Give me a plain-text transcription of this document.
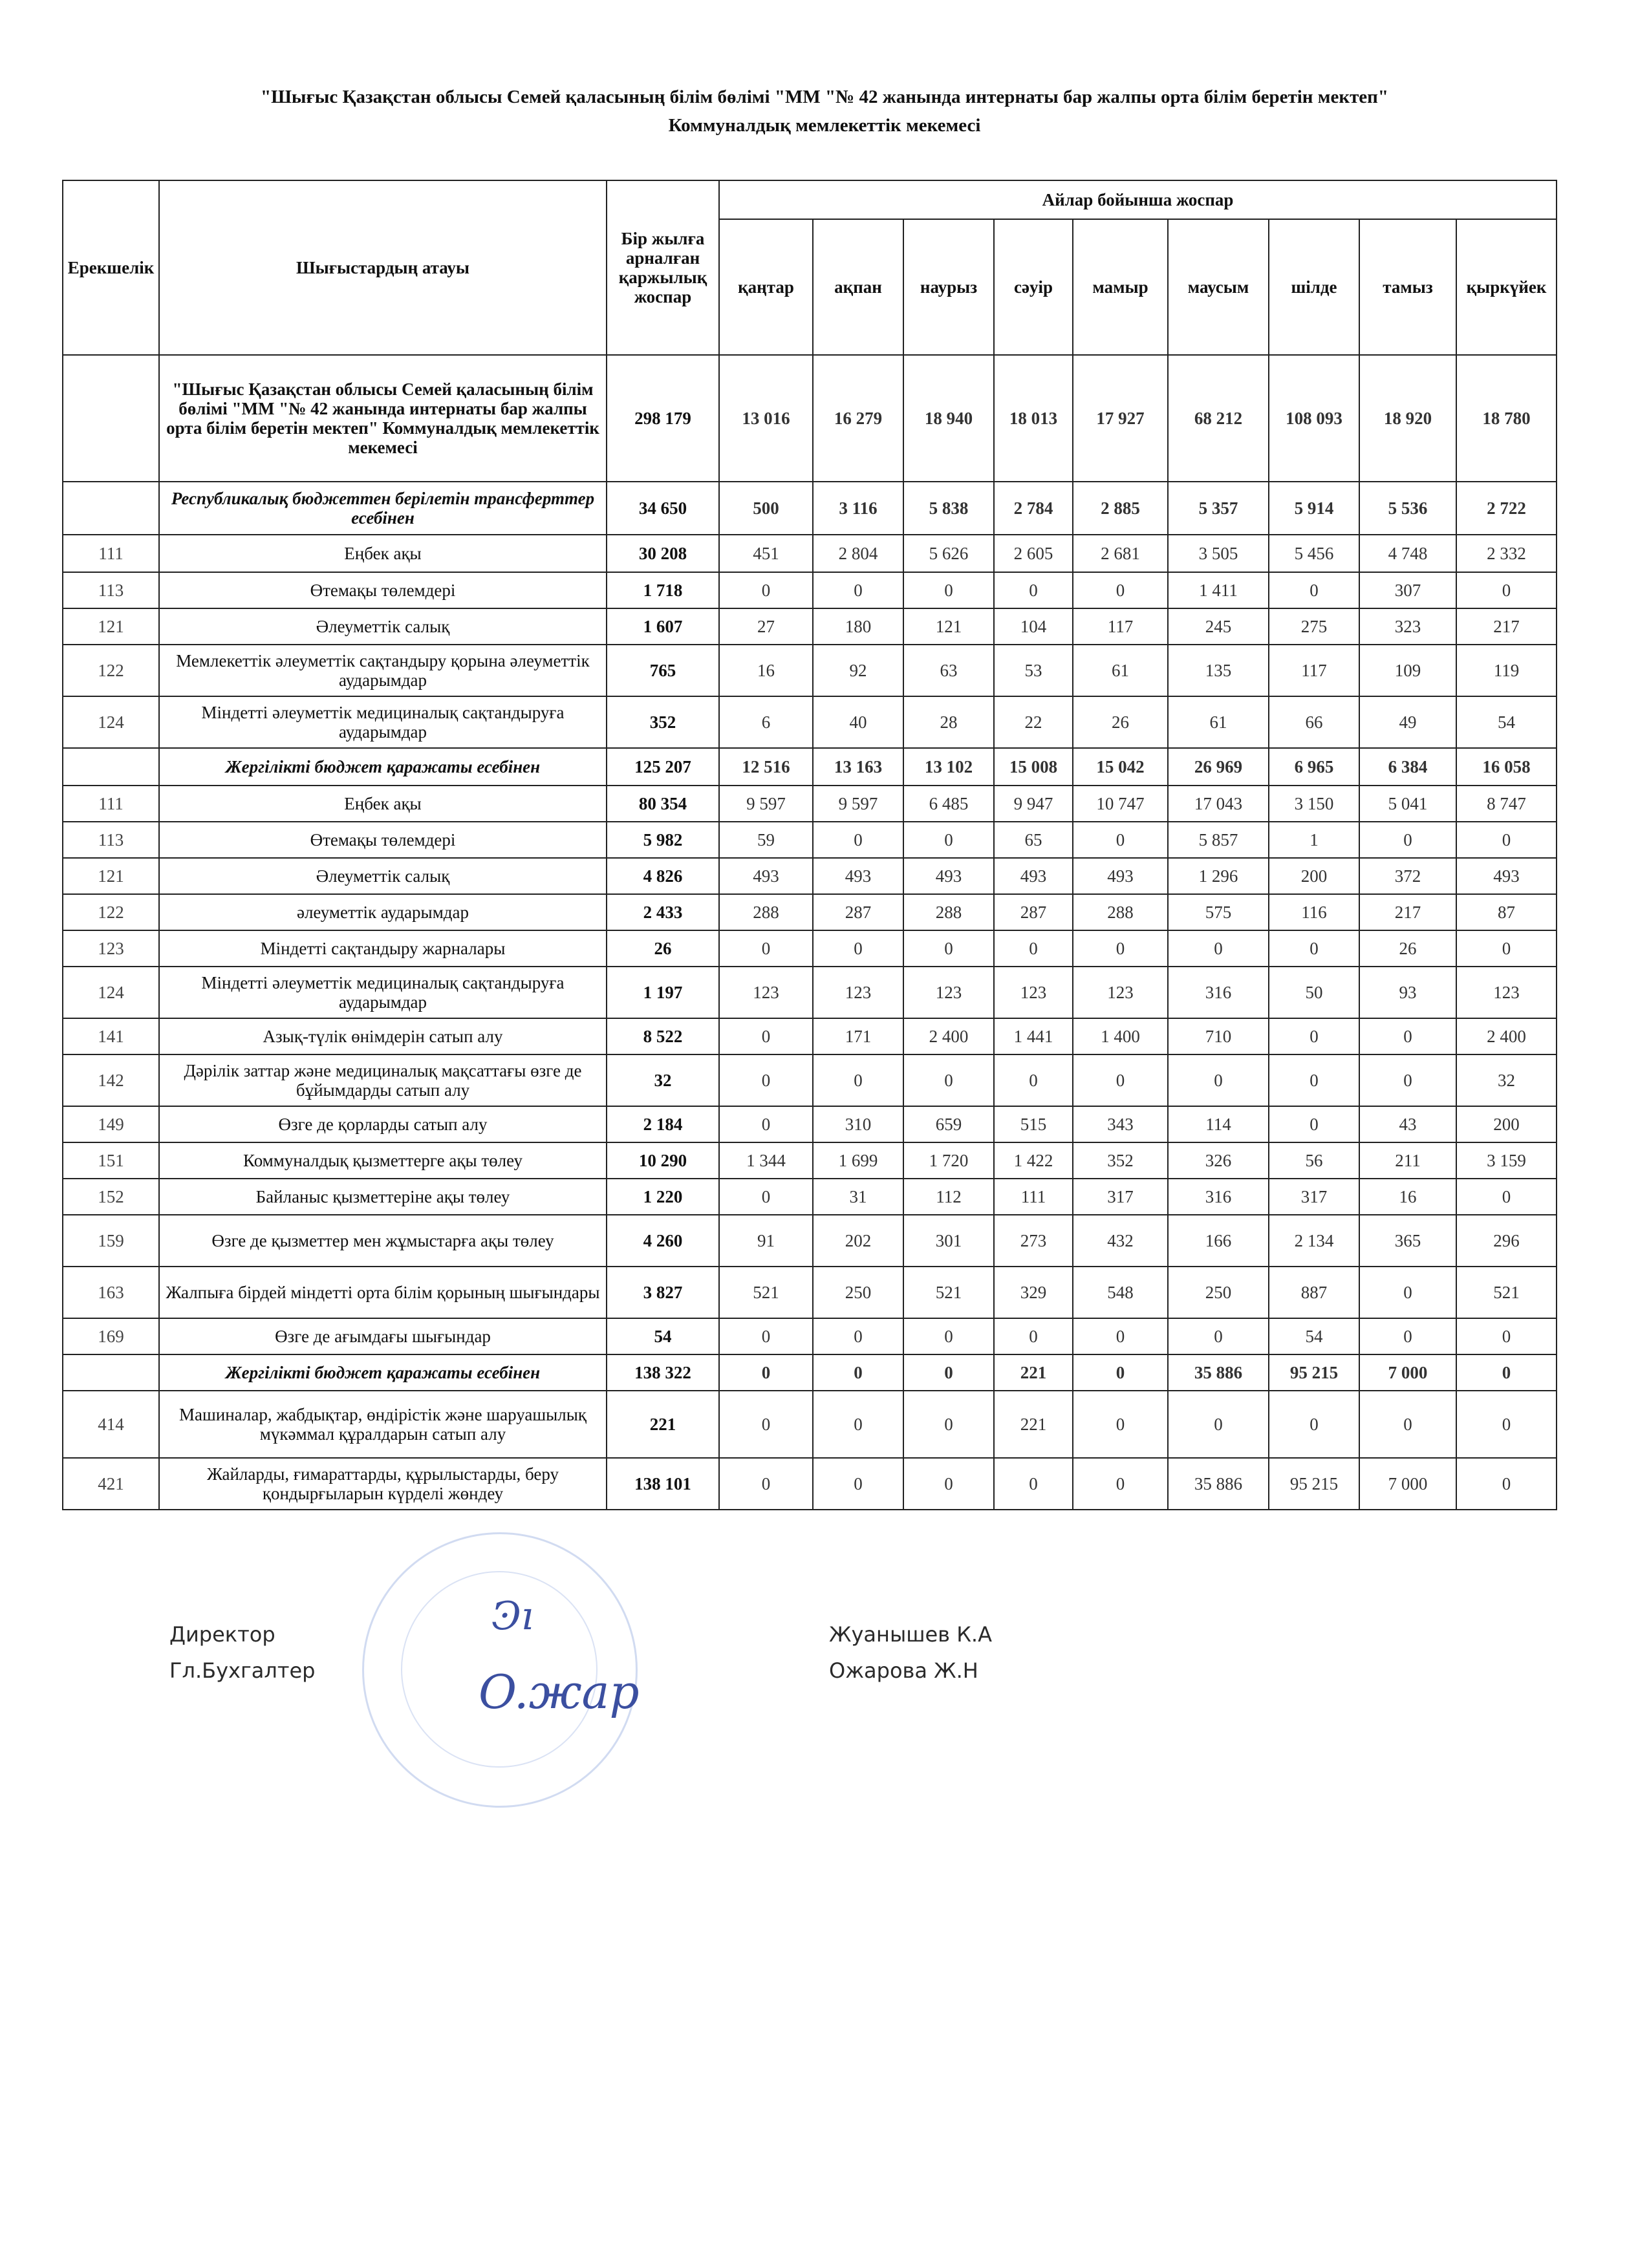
"Шығыс Қазақстан облысы Семей қаласының білім бөлімі "ММ "№ 42 жанында интернаты бар жалпы орта білім беретін мектеп"
Коммуналдық мемлекеттік мекемесі
Ерекшелік	Шығыстардың атауы	Бір жылға арналған қаржылық жоспар	Айлар бойынша жоспар								
			қаңтар	ақпан	наурыз	сәуір	мамыр	маусым	шілде	тамыз	қыркүйек
	"Шығыс Қазақстан облысы Семей қаласының білім бөлімі "ММ "№ 42 жанында интернаты бар жалпы орта білім беретін мектеп" Коммуналдық мемлекеттік мекемесі	298 179	13 016	16 279	18 940	18 013	17 927	68 212	108 093	18 920	18 780
	Республикалық бюджеттен берілетін трансферттер есебінен	34 650	500	3 116	5 838	2 784	2 885	5 357	5 914	5 536	2 722
111	Еңбек ақы	30 208	451	2 804	5 626	2 605	2 681	3 505	5 456	4 748	2 332
113	Өтемақы төлемдері	1 718	0	0	0	0	0	1 411	0	307	0
121	Әлеуметтік салық	1 607	27	180	121	104	117	245	275	323	217
122	Мемлекеттік әлеуметтік сақтандыру қорына әлеуметтік аударымдар	765	16	92	63	53	61	135	117	109	119
124	Міндетті әлеуметтік медициналық сақтандыруға аударымдар	352	6	40	28	22	26	61	66	49	54
	Жергілікті бюджет қаражаты есебінен	125 207	12 516	13 163	13 102	15 008	15 042	26 969	6 965	6 384	16 058
111	Еңбек ақы	80 354	9 597	9 597	6 485	9 947	10 747	17 043	3 150	5 041	8 747
113	Өтемақы төлемдері	5 982	59	0	0	65	0	5 857	1	0	0
121	Әлеуметтік салық	4 826	493	493	493	493	493	1 296	200	372	493
122	әлеуметтік аударымдар	2 433	288	287	288	287	288	575	116	217	87
123	Міндетті сақтандыру жарналары	26	0	0	0	0	0	0	0	26	0
124	Міндетті әлеуметтік медициналық сақтандыруға аударымдар	1 197	123	123	123	123	123	316	50	93	123
141	Азық-түлік өнімдерін сатып алу	8 522	0	171	2 400	1 441	1 400	710	0	0	2 400
142	Дәрілік заттар және медициналық мақсаттағы өзге де бұйымдарды сатып алу	32	0	0	0	0	0	0	0	0	32
149	Өзге де қорларды сатып алу	2 184	0	310	659	515	343	114	0	43	200
151	Коммуналдық қызметтерге ақы төлеу	10 290	1 344	1 699	1 720	1 422	352	326	56	211	3 159
152	Байланыс қызметтеріне ақы төлеу	1 220	0	31	112	111	317	316	317	16	0
159	Өзге де қызметтер мен жұмыстарға ақы төлеу	4 260	91	202	301	273	432	166	2 134	365	296
163	Жалпыға бірдей міндетті орта білім қорының шығындары	3 827	521	250	521	329	548	250	887	0	521
169	Өзге де ағымдағы шығындар	54	0	0	0	0	0	0	54	0	0
	Жергілікті бюджет қаражаты есебінен	138 322	0	0	0	221	0	35 886	95 215	7 000	0
414	Машиналар, жабдықтар, өндірістік және шаруашылық мүкәммал құралдарын сатып алу	221	0	0	0	221	0	0	0	0	0
421	Жайларды, ғимараттарды, құрылыстарды, беру қондырғыларын күрделі жөндеу	138 101	0	0	0	0	0	35 886	95 215	7 000	0
Ͽı
O.жap
Директор	Жуанышев К.А
Гл.Бухгалтер	Ожарова Ж.Н
